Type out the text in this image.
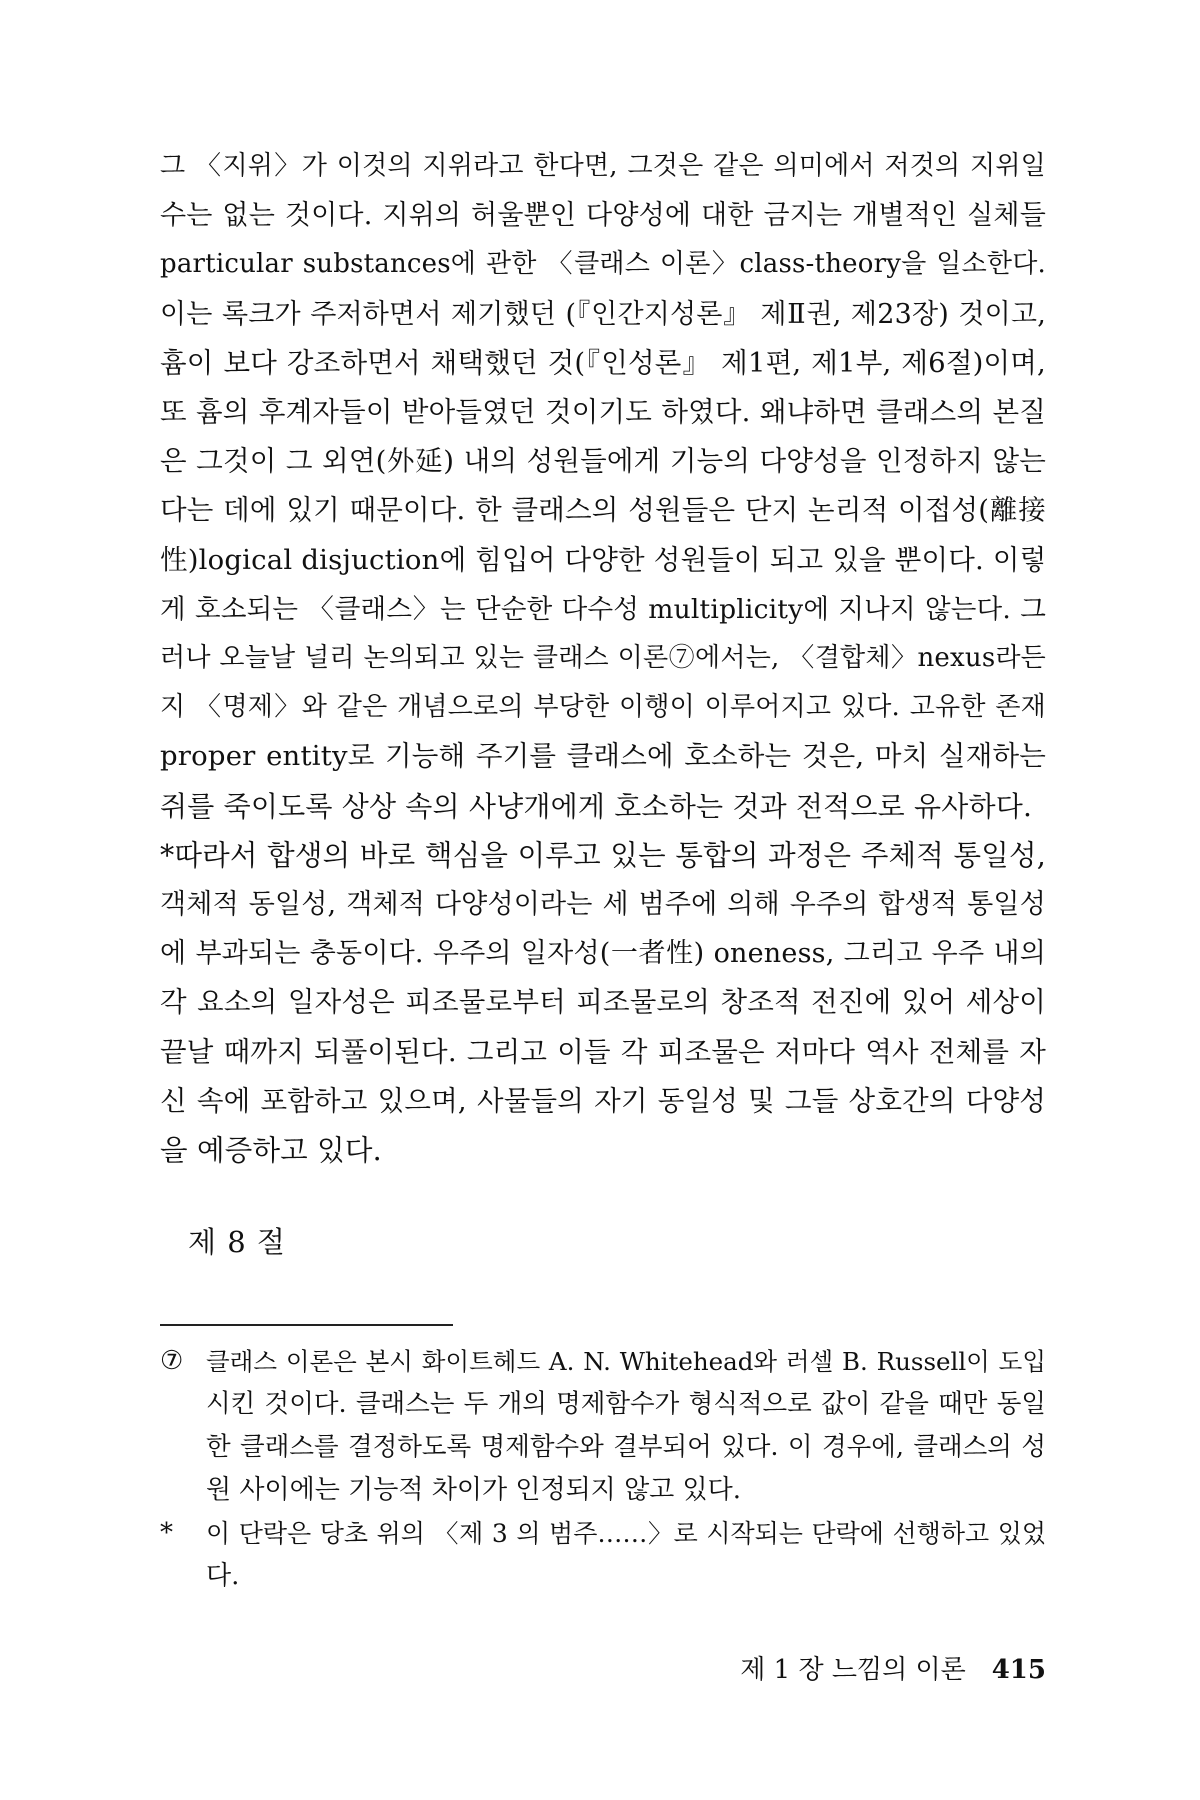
그 〈지위〉가 이것의 지위라고 한다면, 그것은 같은 의미에서 저것의 지위일
수는 없는 것이다. 지위의 허울뿐인 다양성에 대한 금지는 개별적인 실체들
particular substances에 관한 〈클래스 이론〉class-theory을 일소한다.
이는 록크가 주저하면서 제기했던 (『인간지성론』 제Ⅱ권, 제23장) 것이고,
흄이 보다 강조하면서 채택했던 것(『인성론』 제1편, 제1부, 제6절)이며,
또 흄의 후계자들이 받아들였던 것이기도 하였다. 왜냐하면 클래스의 본질
은 그것이 그 외연(外延) 내의 성원들에게 기능의 다양성을 인정하지 않는
다는 데에 있기 때문이다. 한 클래스의 성원들은 단지 논리적 이접성(離接
性)logical disjuction에 힘입어 다양한 성원들이 되고 있을 뿐이다. 이렇
게 호소되는 〈클래스〉는 단순한 다수성 multiplicity에 지나지 않는다. 그
러나 오늘날 널리 논의되고 있는 클래스 이론⑦에서는, 〈결합체〉nexus라든
지 〈명제〉와 같은 개념으로의 부당한 이행이 이루어지고 있다. 고유한 존재
proper entity로 기능해 주기를 클래스에 호소하는 것은, 마치 실재하는
쥐를 죽이도록 상상 속의 사냥개에게 호소하는 것과 전적으로 유사하다.
*따라서 합생의 바로 핵심을 이루고 있는 통합의 과정은 주체적 통일성,
객체적 동일성, 객체적 다양성이라는 세 범주에 의해 우주의 합생적 통일성
에 부과되는 충동이다. 우주의 일자성(一者性) oneness, 그리고 우주 내의
각 요소의 일자성은 피조물로부터 피조물로의 창조적 전진에 있어 세상이
끝날 때까지 되풀이된다. 그리고 이들 각 피조물은 저마다 역사 전체를 자
신 속에 포함하고 있으며, 사물들의 자기 동일성 및 그들 상호간의 다양성
을 예증하고 있다.
제 8 절
⑦ 클래스 이론은 본시 화이트헤드 A. N. Whitehead와 러셀 B. Russell이 도입
시킨 것이다. 클래스는 두 개의 명제함수가 형식적으로 값이 같을 때만 동일
한 클래스를 결정하도록 명제함수와 결부되어 있다. 이 경우에, 클래스의 성
원 사이에는 기능적 차이가 인정되지 않고 있다.
*	이 단락은 당초 위의 〈제 3 의 범주……〉로 시작되는 단락에 선행하고 있었
다.
제 1 장 느낌의 이론 415
